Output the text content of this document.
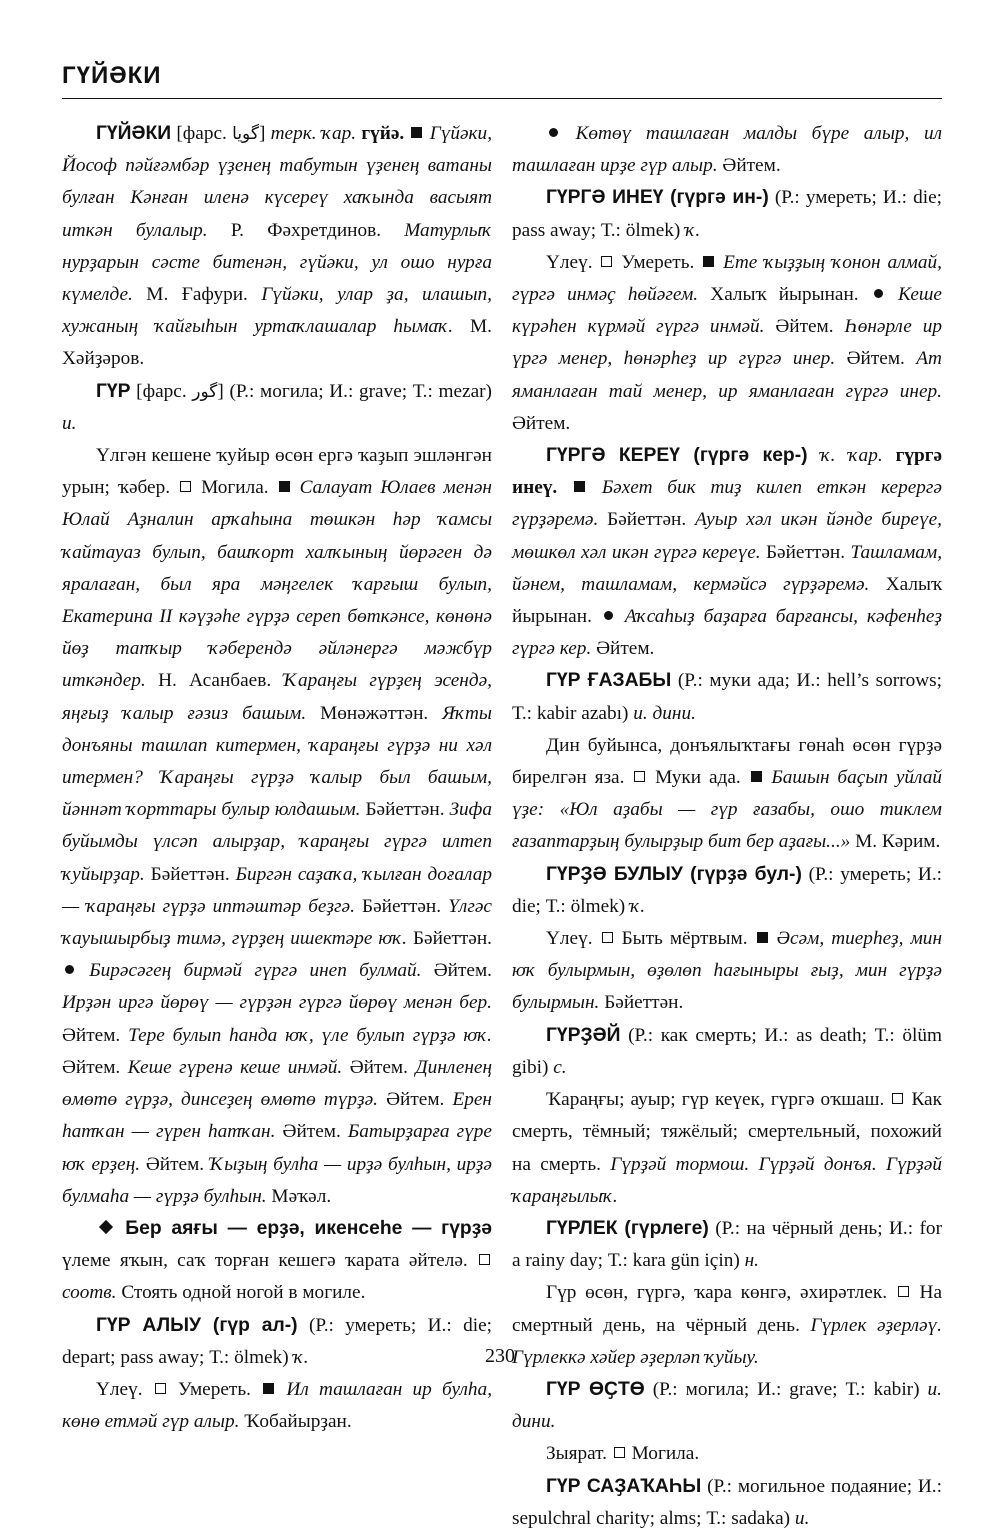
ГҮЙӘКИ

ГҮЙӘКИ [фарс. گويا] терк. ҡар. гүйә. Гүйәки, Йософ пәйғәмбәр үҙенең табутын үҙенең ватаны булған Кәнған иленә күсереү хаҡында васыят иткән булалыр. Р. Фәхретдинов. Матурлыҡ нурҙарын сәсте битенән, гүйәки, ул ошо нурға күмелде. М. Ғафури. Гүйәки, улар ҙа, илашып, хужаның ҡайғыһын уртаҡлашалар һымаҡ. М. Хәйҙәров.

ГҮР [фарс. گور] (Р.: могила; И.: grave; Т.: mezar) и.

Үлгән кешене ҡуйыр өсөн ергә ҡаҙып эшләнгән урын; ҡәбер. Могила. Салауат Юлаев менән Юлай Аҙналин арҡаһына төшкән һәр ҡамсы ҡайтауаз булып, башҡорт халҡының йөрәген дә яралаған, был яра мәңгелек ҡарғыш булып, Екатерина II кәүҙәһе гүрҙә сереп бөткәнсе, көнөнә йөҙ тапҡыр ҡәберендә әйләнергә мәжбүр иткәндер. Н. Асанбаев. Ҡараңғы гүрҙең эсендә, яңғыҙ ҡалыр ғәзиз башым. Мөнәжәттән. Яҡты донъяны ташлап китермен, ҡараңғы гүрҙә ни хәл итермен? Ҡараңғы гүрҙә ҡалыр был башым, йәннәт ҡорттары булыр юлдашым. Бәйеттән. Зифа буйымды үлсәп алырҙар, ҡараңғы гүргә илтеп ҡуйырҙар. Бәйеттән. Биргән саҙаҡа, ҡылған доғалар — ҡараңғы гүрҙә иптәштәр беҙгә. Бәйеттән. Үлгәс ҡауышырбыҙ тимә, гүрҙең ишектәре юҡ. Бәйеттән.  Бирәсәгең бирмәй гүргә инеп булмай. Әйтем. Ирҙән иргә йөрөү — гүрҙән гүргә йөрөү менән бер. Әйтем. Тере булып һанда юҡ, үле булып гүрҙә юҡ. Әйтем. Кеше гүренә кеше инмәй. Әйтем. Динленең өмөтө гүрҙә, динсеҙең өмөтө түрҙә. Әйтем. Ерен һатҡан — гүрен һатҡан. Әйтем. Батырҙарға гүре юҡ ерҙең. Әйтем. Ҡыҙың булһа — ирҙә булһын, ирҙә булмаһа — гүрҙә булһын. Мәҡәл.

Бер аяғы — ерҙә, икенсеһе — гүрҙә үлеме яҡын, саҡ торған кешегә ҡарата әйтелә.  соотв. Стоять одной ногой в могиле.

ГҮР АЛЫУ (гүр ал-) (Р.: умереть; И.: die; depart; pass away; Т.: ölmek) ҡ.

Үлеү. Умереть. Ил ташлаған ир булһа, көнө етмәй гүр алыр. Ҡобайырҙан.

Көтөү ташлаған малды бүре алыр, ил ташлаған ирҙе гүр алыр. Әйтем.

ГҮРГӘ ИНЕҮ (гүргә ин-) (Р.: умереть; И.: die; pass away; Т.: ölmek) ҡ.

Үлеү. Умереть. Ете ҡыҙҙың ҡонон алмай, гүргә инмәҫ һөйәгем. Халыҡ йырынан. Кеше күрәһен күрмәй гүргә инмәй. Әйтем. Һөнәрле ир үргә менер, һөнәрһеҙ ир гүргә инер. Әйтем. Ат яманлаған тай менер, ир яманлаған гүргә инер. Әйтем.

ГҮРГӘ КЕРЕҮ (гүргә кер-) ҡ. ҡар. гүргә инеү. Бәхет бик тиҙ килеп еткән керергә гүрҙәремә. Бәйеттән. Ауыр хәл икән йәнде биреүе, мөшкөл хәл икән гүргә кереүе. Бәйеттән. Ташламам, йәнем, ташламам, кермәйсә гүрҙәремә. Халыҡ йырынан. Аҡсаһыҙ баҙарға барғансы, кәфенһеҙ гүргә кер. Әйтем.

ГҮР ҒАЗАБЫ (Р.: муки ада; И.: hell’s sorrows; Т.: kabir azabı) и. дини.

Дин буйынса, донъялыҡтағы гөнаһ өсөн гүрҙә бирелгән яза. Муки ада. Башын баҫып уйлай үҙе: «Юл аҙабы — гүр ғазабы, ошо тиклем ғазаптарҙың булырҙыр бит бер аҙағы...» М. Кәрим.

ГҮРҘӘ БУЛЫУ (гүрҙә бул-) (Р.: умереть; И.: die; Т.: ölmek) ҡ.

Үлеү. Быть мёртвым. Әсәм, тиерһеҙ, мин юҡ булырмын, өҙөлөп һағыныры ғыҙ, мин гүрҙә булырмын. Бәйеттән.

ГҮРҘӘЙ (Р.: как смерть; И.: as death; Т.: ölüm gibi) с.

Ҡараңғы; ауыр; гүр кеүек, гүргә оҡшаш. Как смерть, тёмный; тяжёлый; смертельный, похожий на смерть. Гүрҙәй тормош. Гүрҙәй донъя. Гүрҙәй ҡараңғылыҡ.

ГҮРЛЕК (гүрлеге) (Р.: на чёрный день; И.: for a rainy day; Т.: kara gün için) н.

Гүр өсөн, гүргә, ҡара көнгә, әхирәтлек. На смертный день, на чёрный день. Гүрлек әҙерләү. Гүрлеккә хәйер әҙерләп ҡуйыу.

ГҮР ӨҪТӨ (Р.: могила; И.: grave; Т.: kabir) и. дини.

Зыярат. Могила.

ГҮР САҘАҠАҺЫ (Р.: могильное подаяние; И.: sepulchral charity; alms; Т.: sadaka) и.

230
